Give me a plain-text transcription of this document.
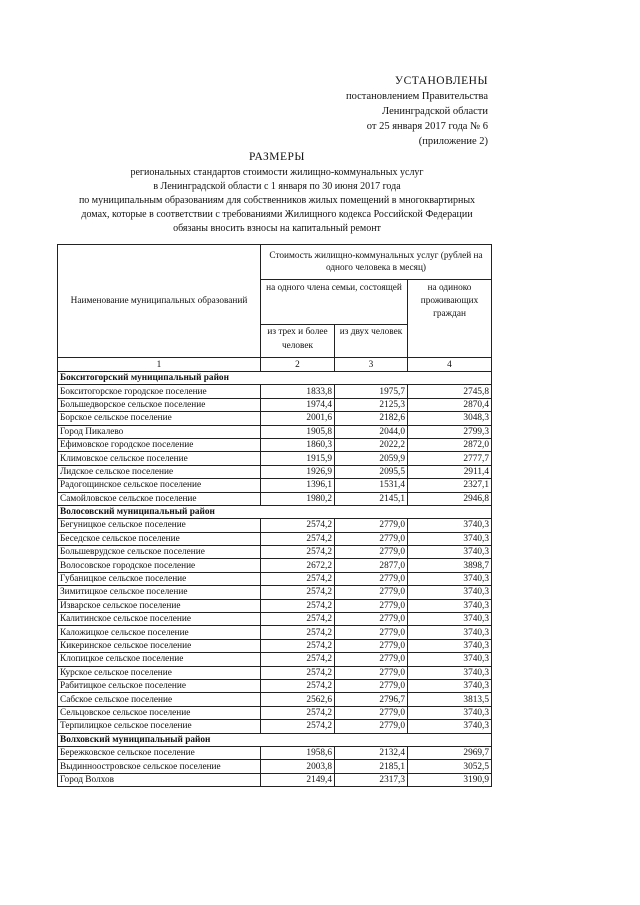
УСТАНОВЛЕНЫ
постановлением Правительства
Ленинградской области
от 25 января 2017 года № 6
(приложение 2)
РАЗМЕРЫ
региональных стандартов стоимости жилищно-коммунальных услуг
в Ленинградской области с 1 января по 30 июня 2017 года
по муниципальным образованиям для собственников жилых помещений в многоквартирных
домах, которые в соответствии с требованиями Жилищного кодекса Российской Федерации
обязаны вносить взносы на капитальный ремонт
Наименование муниципальных образований	Стоимость жилищно-коммунальных услуг (рублей на одного человека в месяц)		
	на одного члена семьи, состоящей		на одиноко проживающих граждан
	из трех и более человек	из двух человек	
1	2	3	4
Бокситогорский муниципальный район			
Бокситогорское городское поселение	1833,8	1975,7	2745,8
Большедворское сельское поселение	1974,4	2125,3	2870,4
Борское сельское поселение	2001,6	2182,6	3048,3
Город Пикалево	1905,8	2044,0	2799,3
Ефимовское городское поселение	1860,3	2022,2	2872,0
Климовское сельское поселение	1915,9	2059,9	2777,7
Лидское сельское поселение	1926,9	2095,5	2911,4
Радогощинское сельское поселение	1396,1	1531,4	2327,1
Самойловское сельское поселение	1980,2	2145,1	2946,8
Волосовский муниципальный район			
Бегуницкое сельское поселение	2574,2	2779,0	3740,3
Беседское сельское поселение	2574,2	2779,0	3740,3
Большеврудское сельское поселение	2574,2	2779,0	3740,3
Волосовское городское поселение	2672,2	2877,0	3898,7
Губаницкое сельское поселение	2574,2	2779,0	3740,3
Зимитицкое сельское поселение	2574,2	2779,0	3740,3
Изварское сельское поселение	2574,2	2779,0	3740,3
Калитинское сельское поселение	2574,2	2779,0	3740,3
Каложицкое сельское поселение	2574,2	2779,0	3740,3
Кикеринское сельское поселение	2574,2	2779,0	3740,3
Клопицкое сельское поселение	2574,2	2779,0	3740,3
Курское сельское поселение	2574,2	2779,0	3740,3
Рабитицкое сельское поселение	2574,2	2779,0	3740,3
Сабское сельское поселение	2562,6	2796,7	3813,5
Сельцовское сельское поселение	2574,2	2779,0	3740,3
Терпилицкое сельское поселение	2574,2	2779,0	3740,3
Волховский муниципальный район			
Бережковское сельское поселение	1958,6	2132,4	2969,7
Выдинноостровское сельское поселение	2003,8	2185,1	3052,5
Город Волхов	2149,4	2317,3	3190,9
